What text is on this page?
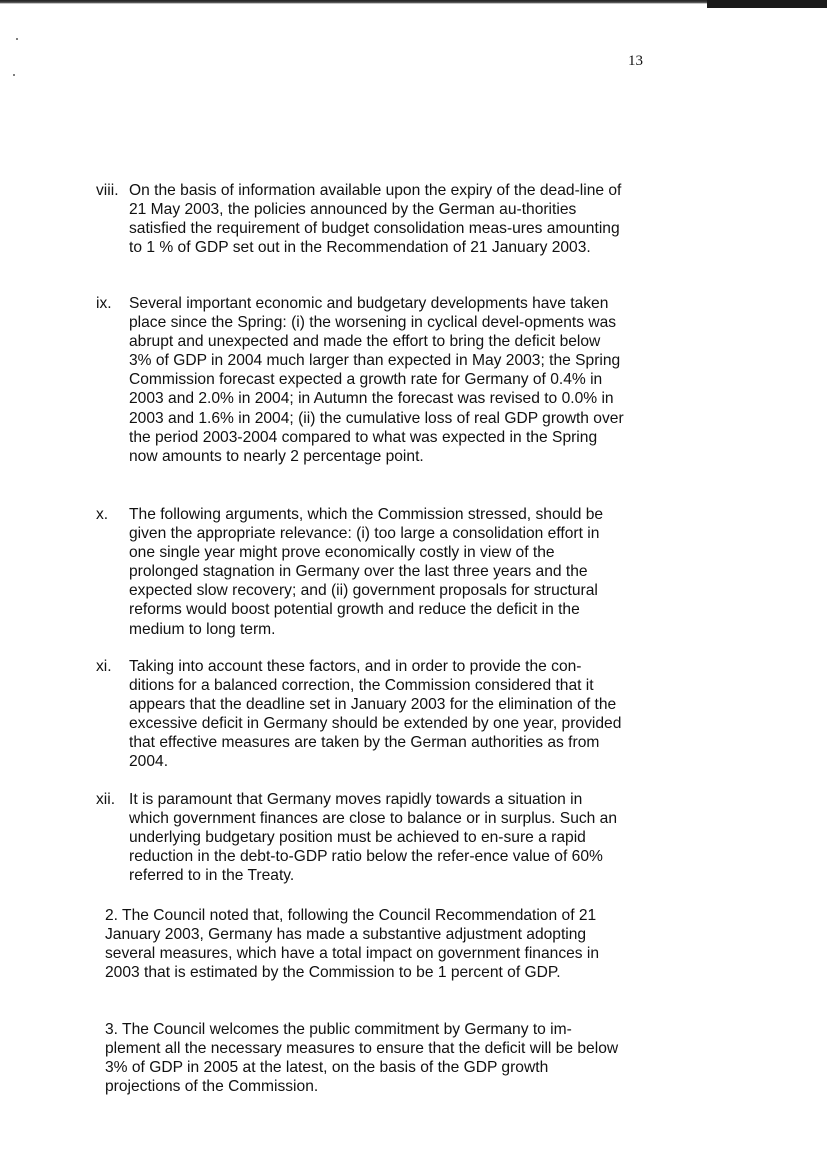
13
viii. On the basis of information available upon the expiry of the dead-line of 21 May 2003, the policies announced by the German au-thorities satisfied the requirement of budget consolidation meas-ures amounting to 1 % of GDP set out in the Recommendation of 21 January 2003.
ix. Several important economic and budgetary developments have taken place since the Spring: (i) the worsening in cyclical devel-opments was abrupt and unexpected and made the effort to bring the deficit below 3% of GDP in 2004 much larger than expected in May 2003; the Spring Commission forecast expected a growth rate for Germany of 0.4% in 2003 and 2.0% in 2004; in Autumn the forecast was revised to 0.0% in 2003 and 1.6% in 2004; (ii) the cumulative loss of real GDP growth over the period 2003-2004 compared to what was expected in the Spring now amounts to nearly 2 percentage point.
x. The following arguments, which the Commission stressed, should be given the appropriate relevance: (i) too large a consolidation effort in one single year might prove economically costly in view of the prolonged stagnation in Germany over the last three years and the expected slow recovery; and (ii) government proposals for structural reforms would boost potential growth and reduce the deficit in the medium to long term.
xi. Taking into account these factors, and in order to provide the con-ditions for a balanced correction, the Commission considered that it appears that the deadline set in January 2003 for the elimination of the excessive deficit in Germany should be extended by one year, provided that effective measures are taken by the German authorities as from 2004.
xii. It is paramount that Germany moves rapidly towards a situation in which government finances are close to balance or in surplus. Such an underlying budgetary position must be achieved to en-sure a rapid reduction in the debt-to-GDP ratio below the refer-ence value of 60% referred to in the Treaty.
2. The Council noted that, following the Council Recommendation of 21 January 2003, Germany has made a substantive adjustment adopting several measures, which have a total impact on government finances in 2003 that is estimated by the Commission to be 1 percent of GDP.
3. The Council welcomes the public commitment by Germany to im-plement all the necessary measures to ensure that the deficit will be below 3% of GDP in 2005 at the latest, on the basis of the GDP growth projections of the Commission.
